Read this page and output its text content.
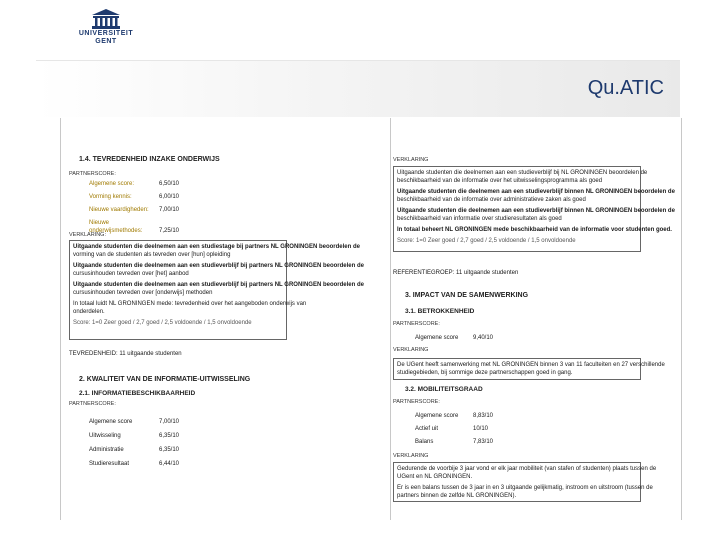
UNIVERSITEIT
GENT
Qu.ATIC
1.4. TEVREDENHEID INZAKE ONDERWIJS
PARTNERSCORE:
Algemene score:	6,50/10
Vorming kennis:	6,00/10
Nieuwe vaardigheden: 7,00/10
Nieuwe onderwijsmethodes:	7,25/10
VERKLARING:
Uitgaande studenten die deelnemen aan een studiestage bij partners NL GRONINGEN beoordelen de
vorming van de studenten als tevreden over [hun] opleiding
Uitgaande studenten die deelnemen aan een studieverblijf bij partners NL GRONINGEN beoordelen de
cursusinhouden tevreden over [het] aanbod
Uitgaande studenten die deelnemen aan een studieverblijf bij partners NL GRONINGEN beoordelen de
cursusinhouden tevreden over [onderwijs] methoden
In totaal luidt NL GRONINGEN mede: tevredenheid over het aangeboden onderwijs van
onderdelen.
Score: 1=0 Zeer goed / 2,7 goed / 2,5 voldoende / 1,5 onvoldoende
TEVREDENHEID: 11 uitgaande studenten
2. KWALITEIT VAN DE INFORMATIE-UITWISSELING
2.1. INFORMATIEBESCHIKBAARHEID
PARTNERSCORE:
Algemene score	7,00/10
Uitwisseling	6,35/10
Administratie	6,35/10
Studieresultaat	6,44/10
VERKLARING
Uitgaande studenten die deelnemen aan een studieverblijf bij NL GRONINGEN beoordelen de
beschikbaarheid van de informatie over het uitwisselingsprogramma als goed
Uitgaande studenten die deelnemen aan een studieverblijf binnen NL GRONINGEN beoordelen de
beschikbaarheid van de informatie over administratieve zaken als goed
Uitgaande studenten die deelnemen aan een studieverblijf binnen NL GRONINGEN beoordelen de
beschikbaarheid van informatie over studieresultaten als goed
In totaal beheert NL GRONINGEN mede beschikbaarheid van de informatie voor studenten goed.
Score: 1=0 Zeer goed / 2,7 goed / 2,5 voldoende / 1,5 onvoldoende
REFERENTIEGROEP: 11 uitgaande studenten
3. IMPACT VAN DE SAMENWERKING
3.1. BETROKKENHEID
PARTNERSCORE:
Algemene score 9,40/10
VERKLARING
De UGent heeft samenwerking met NL GRONINGEN binnen 3 van 11 faculteiten en 27 verschillende
studiegebieden, bij sommige deze partnerschappen goed in gang.
3.2. MOBILITEITSGRAAD
PARTNERSCORE:
Algemene score 8,83/10
Actief uit	10/10
Balans	7,83/10
VERKLARING
Gedurende de voorbije 3 jaar vond er elk jaar mobiliteit (van stafen of studenten) plaats tussen de
UGent en NL GRONINGEN.
Er is een balans tussen de 3 jaar in en 3 uitgaande gelijkmatig, instroom en uitstroom (tussen de
partners binnen de zelfde NL GRONINGEN).
